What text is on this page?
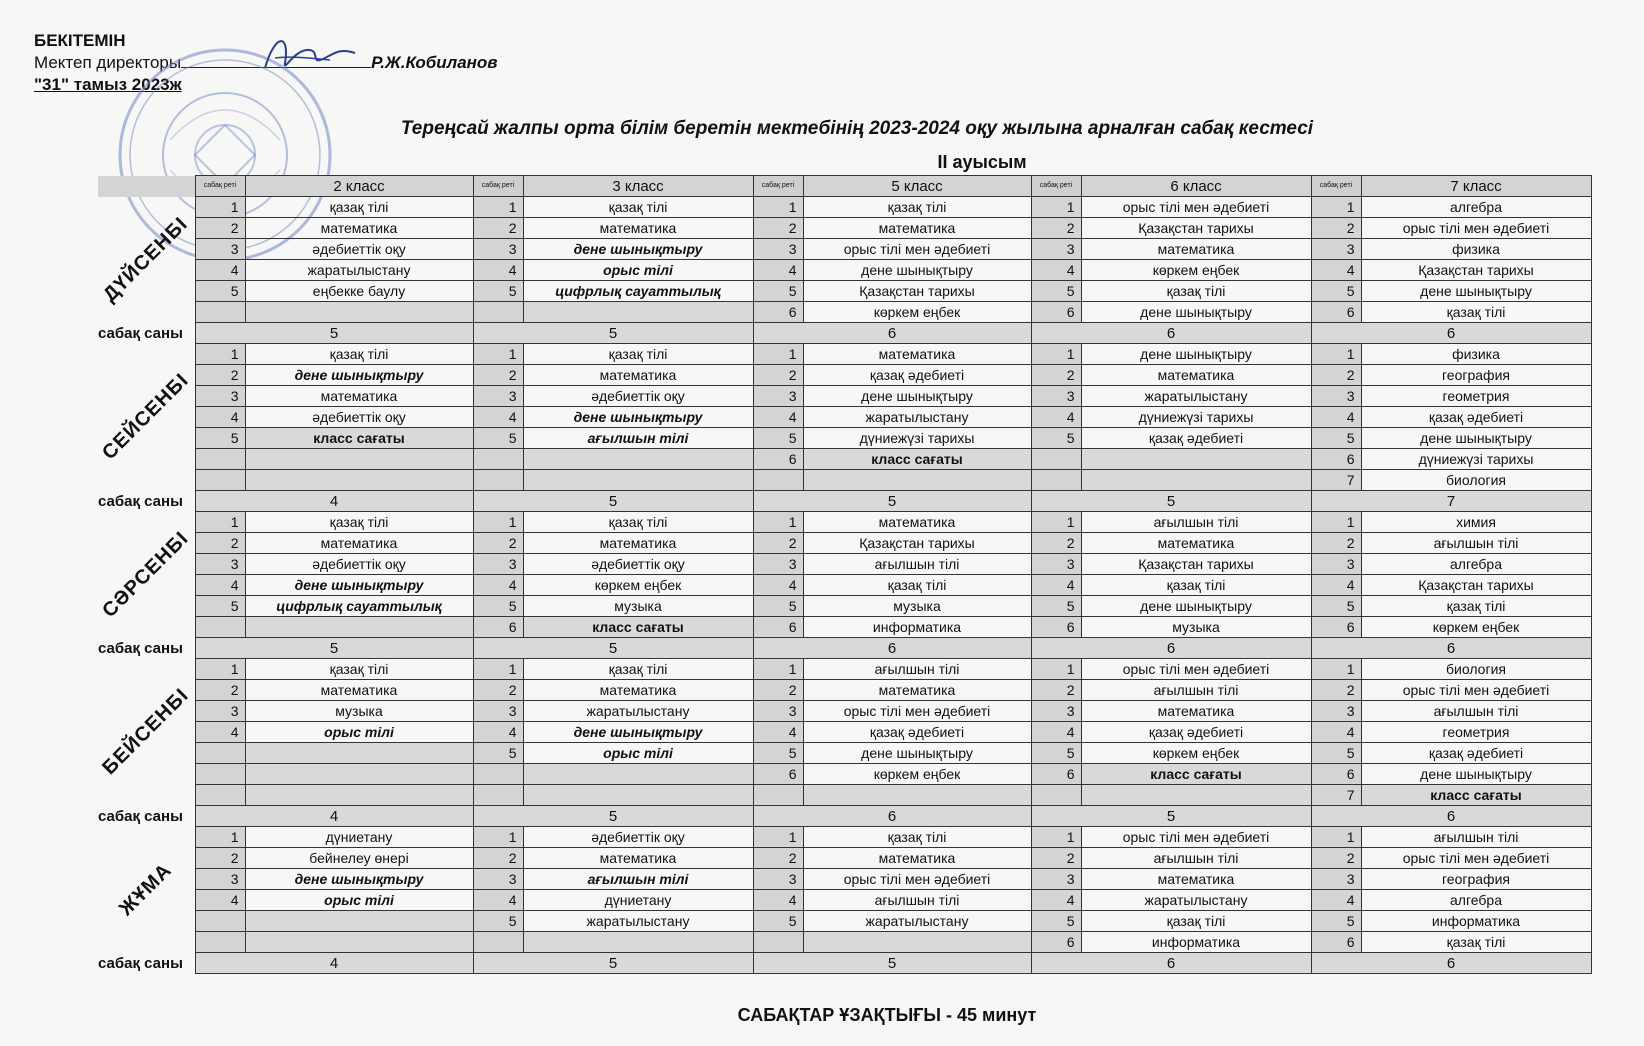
БЕКІТЕМІН
Мектеп директоры	Р.Ж.Кобиланов
"31" тамыз 2023ж
Тереңсай жалпы орта білім беретін мектебінің 2023-2024 оқу жылына арналған сабақ кестесі
ІІ ауысым
	сабақ реті	2 класс	сабақ реті	3 класс	сабақ реті	5 класс	сабақ реті	6 класс	сабақ реті	7 класс

ДҮЙСЕНБІ	1	қазақ тілі	1	қазақ тілі	1	қазақ тілі	1	орыс тілі мен әдебиеті	1	алгебра
	2	математика	2	математика	2	математика	2	Қазақстан тарихы	2	орыс тілі мен әдебиеті
	3	әдебиеттік оқу	3	дене шынықтыру	3	орыс тілі мен әдебиеті	3	математика	3	физика
	4	жаратылыстану	4	орыс тілі	4	дене шынықтыру	4	көркем еңбек	4	Қазақстан тарихы
	5	еңбекке баулу	5	цифрлық сауаттылық	5	Қазақстан тарихы	5	қазақ тілі	5	дене шынықтыру
					6	көркем еңбек	6	дене шынықтыру	6	қазақ тілі
сабақ саны	5		5		6		6		6	

СЕЙСЕНБІ	1	қазақ тілі	1	қазақ тілі	1	математика	1	дене шынықтыру	1	физика
	2	дене шынықтыру	2	математика	2	қазақ әдебиеті	2	математика	2	география
	3	математика	3	әдебиеттік оқу	3	дене шынықтыру	3	жаратылыстану	3	геометрия
	4	әдебиеттік оқу	4	дене шынықтыру	4	жаратылыстану	4	дүниежүзі тарихы	4	қазақ әдебиеті
	5	класс сағаты	5	ағылшын тілі	5	дүниежүзі тарихы	5	қазақ әдебиеті	5	дене шынықтыру
					6	класс сағаты			6	дүниежүзі тарихы
									7	биология
сабақ саны	4		5		5		5		7	

СӘРСЕНБІ	1	қазақ тілі	1	қазақ тілі	1	математика	1	ағылшын тілі	1	химия
	2	математика	2	математика	2	Қазақстан тарихы	2	математика	2	ағылшын тілі
	3	әдебиеттік оқу	3	әдебиеттік оқу	3	ағылшын тілі	3	Қазақстан тарихы	3	алгебра
	4	дене шынықтыру	4	көркем еңбек	4	қазақ тілі	4	қазақ тілі	4	Қазақстан тарихы
	5	цифрлық сауаттылық	5	музыка	5	музыка	5	дене шынықтыру	5	қазақ тілі
			6	класс сағаты	6	информатика	6	музыка	6	көркем еңбек
сабақ саны	5		5		6		6		6	

БЕЙСЕНБІ	1	қазақ тілі	1	қазақ тілі	1	ағылшын тілі	1	орыс тілі мен әдебиеті	1	биология
	2	математика	2	математика	2	математика	2	ағылшын тілі	2	орыс тілі мен әдебиеті
	3	музыка	3	жаратылыстану	3	орыс тілі мен әдебиеті	3	математика	3	ағылшын тілі
	4	орыс тілі	4	дене шынықтыру	4	қазақ әдебиеті	4	қазақ әдебиеті	4	геометрия
			5	орыс тілі	5	дене шынықтыру	5	көркем еңбек	5	қазақ әдебиеті
					6	көркем еңбек	6	класс сағаты	6	дене шынықтыру
									7	класс сағаты
сабақ саны	4		5		6		5		6	

ЖҰМА	1	дүниетану	1	әдебиеттік оқу	1	қазақ тілі	1	орыс тілі мен әдебиеті	1	ағылшын тілі
	2	бейнелеу өнері	2	математика	2	математика	2	ағылшын тілі	2	орыс тілі мен әдебиеті
	3	дене шынықтыру	3	ағылшын тілі	3	орыс тілі мен әдебиеті	3	математика	3	география
	4	орыс тілі	4	дүниетану	4	ағылшын тілі	4	жаратылыстану	4	алгебра
			5	жаратылыстану	5	жаратылыстану	5	қазақ тілі	5	информатика
							6	информатика	6	қазақ тілі
сабақ саны	4		5		5		6		6	
САБАҚТАР ҰЗАҚТЫҒЫ - 45 минут
